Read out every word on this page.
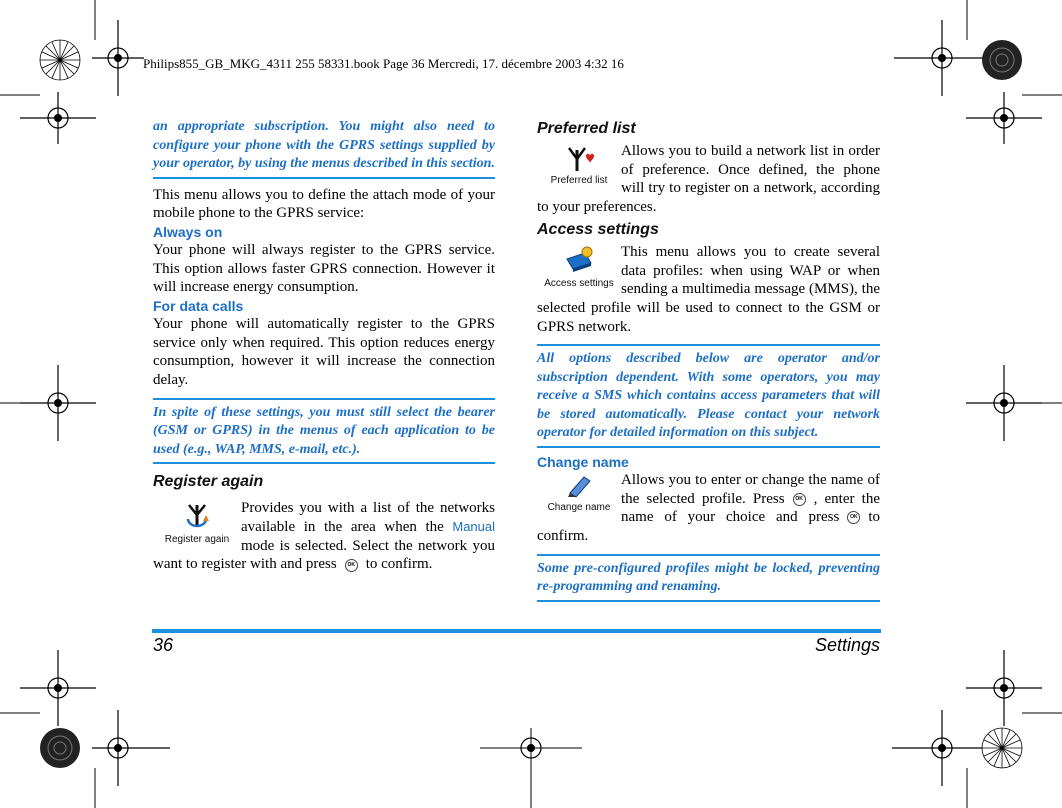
Philips855_GB_MKG_4311 255 58331.book Page 36 Mercredi, 17. décembre 2003 4:32 16
an appropriate subscription. You might also need to configure your phone with the GPRS settings supplied by your operator, by using the menus described in this section.
This menu allows you to define the attach mode of your mobile phone to the GPRS service:
Always on
Your phone will always register to the GPRS service. This option allows faster GPRS connection. However it will increase energy consumption.
For data calls
Your phone will automatically register to the GPRS service only when required. This option reduces energy consumption, however it will increase the connection delay.
In spite of these settings, you must still select the bearer (GSM or GPRS) in the menus of each application to be used (e.g., WAP, MMS, e-mail, etc.).
Register again
Register again
Provides you with a list of the networks available in the area when the Manual mode is selected. Select the network you want to register with and press OK to confirm.
Preferred list
Preferred list
Allows you to build a network list in order of preference. Once defined, the phone will try to register on a network, according to your preferences.
Access settings
Access settings
This menu allows you to create several data profiles: when using WAP or when sending a multimedia message (MMS), the selected profile will be used to connect to the GSM or GPRS network.
All options described below are operator and/or subscription dependent. With some operators, you may receive a SMS which contains access parameters that will be stored automatically. Please contact your network operator for detailed information on this subject.
Change name
Change name
Allows you to enter or change the name of the selected profile. Press OK , enter the name of your choice and press OK to confirm.
Some pre-configured profiles might be locked, preventing re-programming and renaming.
36	Settings
